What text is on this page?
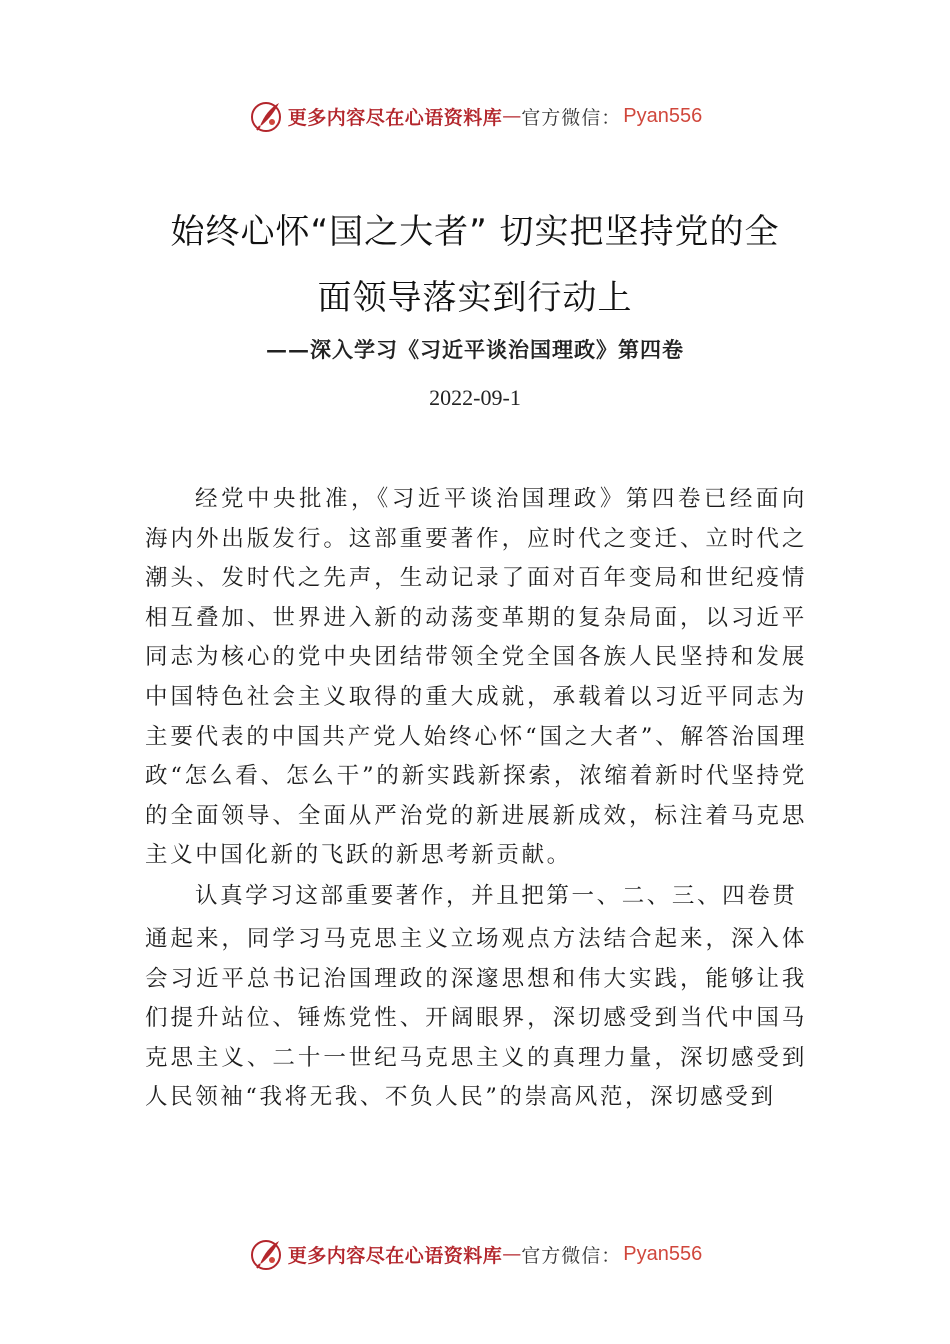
更多内容尽在心语资料库 — 官方微信： Pyan556
始终心怀“国之大者” 切实把坚持党的全
面领导落实到行动上
——深入学习《习近平谈治国理政》第四卷
2022-09-1
经党中央批准，《习近平谈治国理政》第四卷已经面向海内外出版发行。这部重要著作，应时代之变迁、立时代之潮头、发时代之先声，生动记录了面对百年变局和世纪疫情相互叠加、世界进入新的动荡变革期的复杂局面，以习近平同志为核心的党中央团结带领全党全国各族人民坚持和发展中国特色社会主义取得的重大成就，承载着以习近平同志为主要代表的中国共产党人始终心怀“国之大者”、解答治国理政“怎么看、怎么干”的新实践新探索，浓缩着新时代坚持党的全面领导、全面从严治党的新进展新成效，标注着马克思主义中国化新的飞跃的新思考新贡献。
认真学习这部重要著作，并且把第一、二、三、四卷贯
通起来，同学习马克思主义立场观点方法结合起来，深入体会习近平总书记治国理政的深邃思想和伟大实践，能够让我们提升站位、锤炼党性、开阔眼界，深切感受到当代中国马克思主义、二十一世纪马克思主义的真理力量，深切感受到人民领袖“我将无我、不负人民”的崇高风范，深切感受到
更多内容尽在心语资料库 — 官方微信： Pyan556
